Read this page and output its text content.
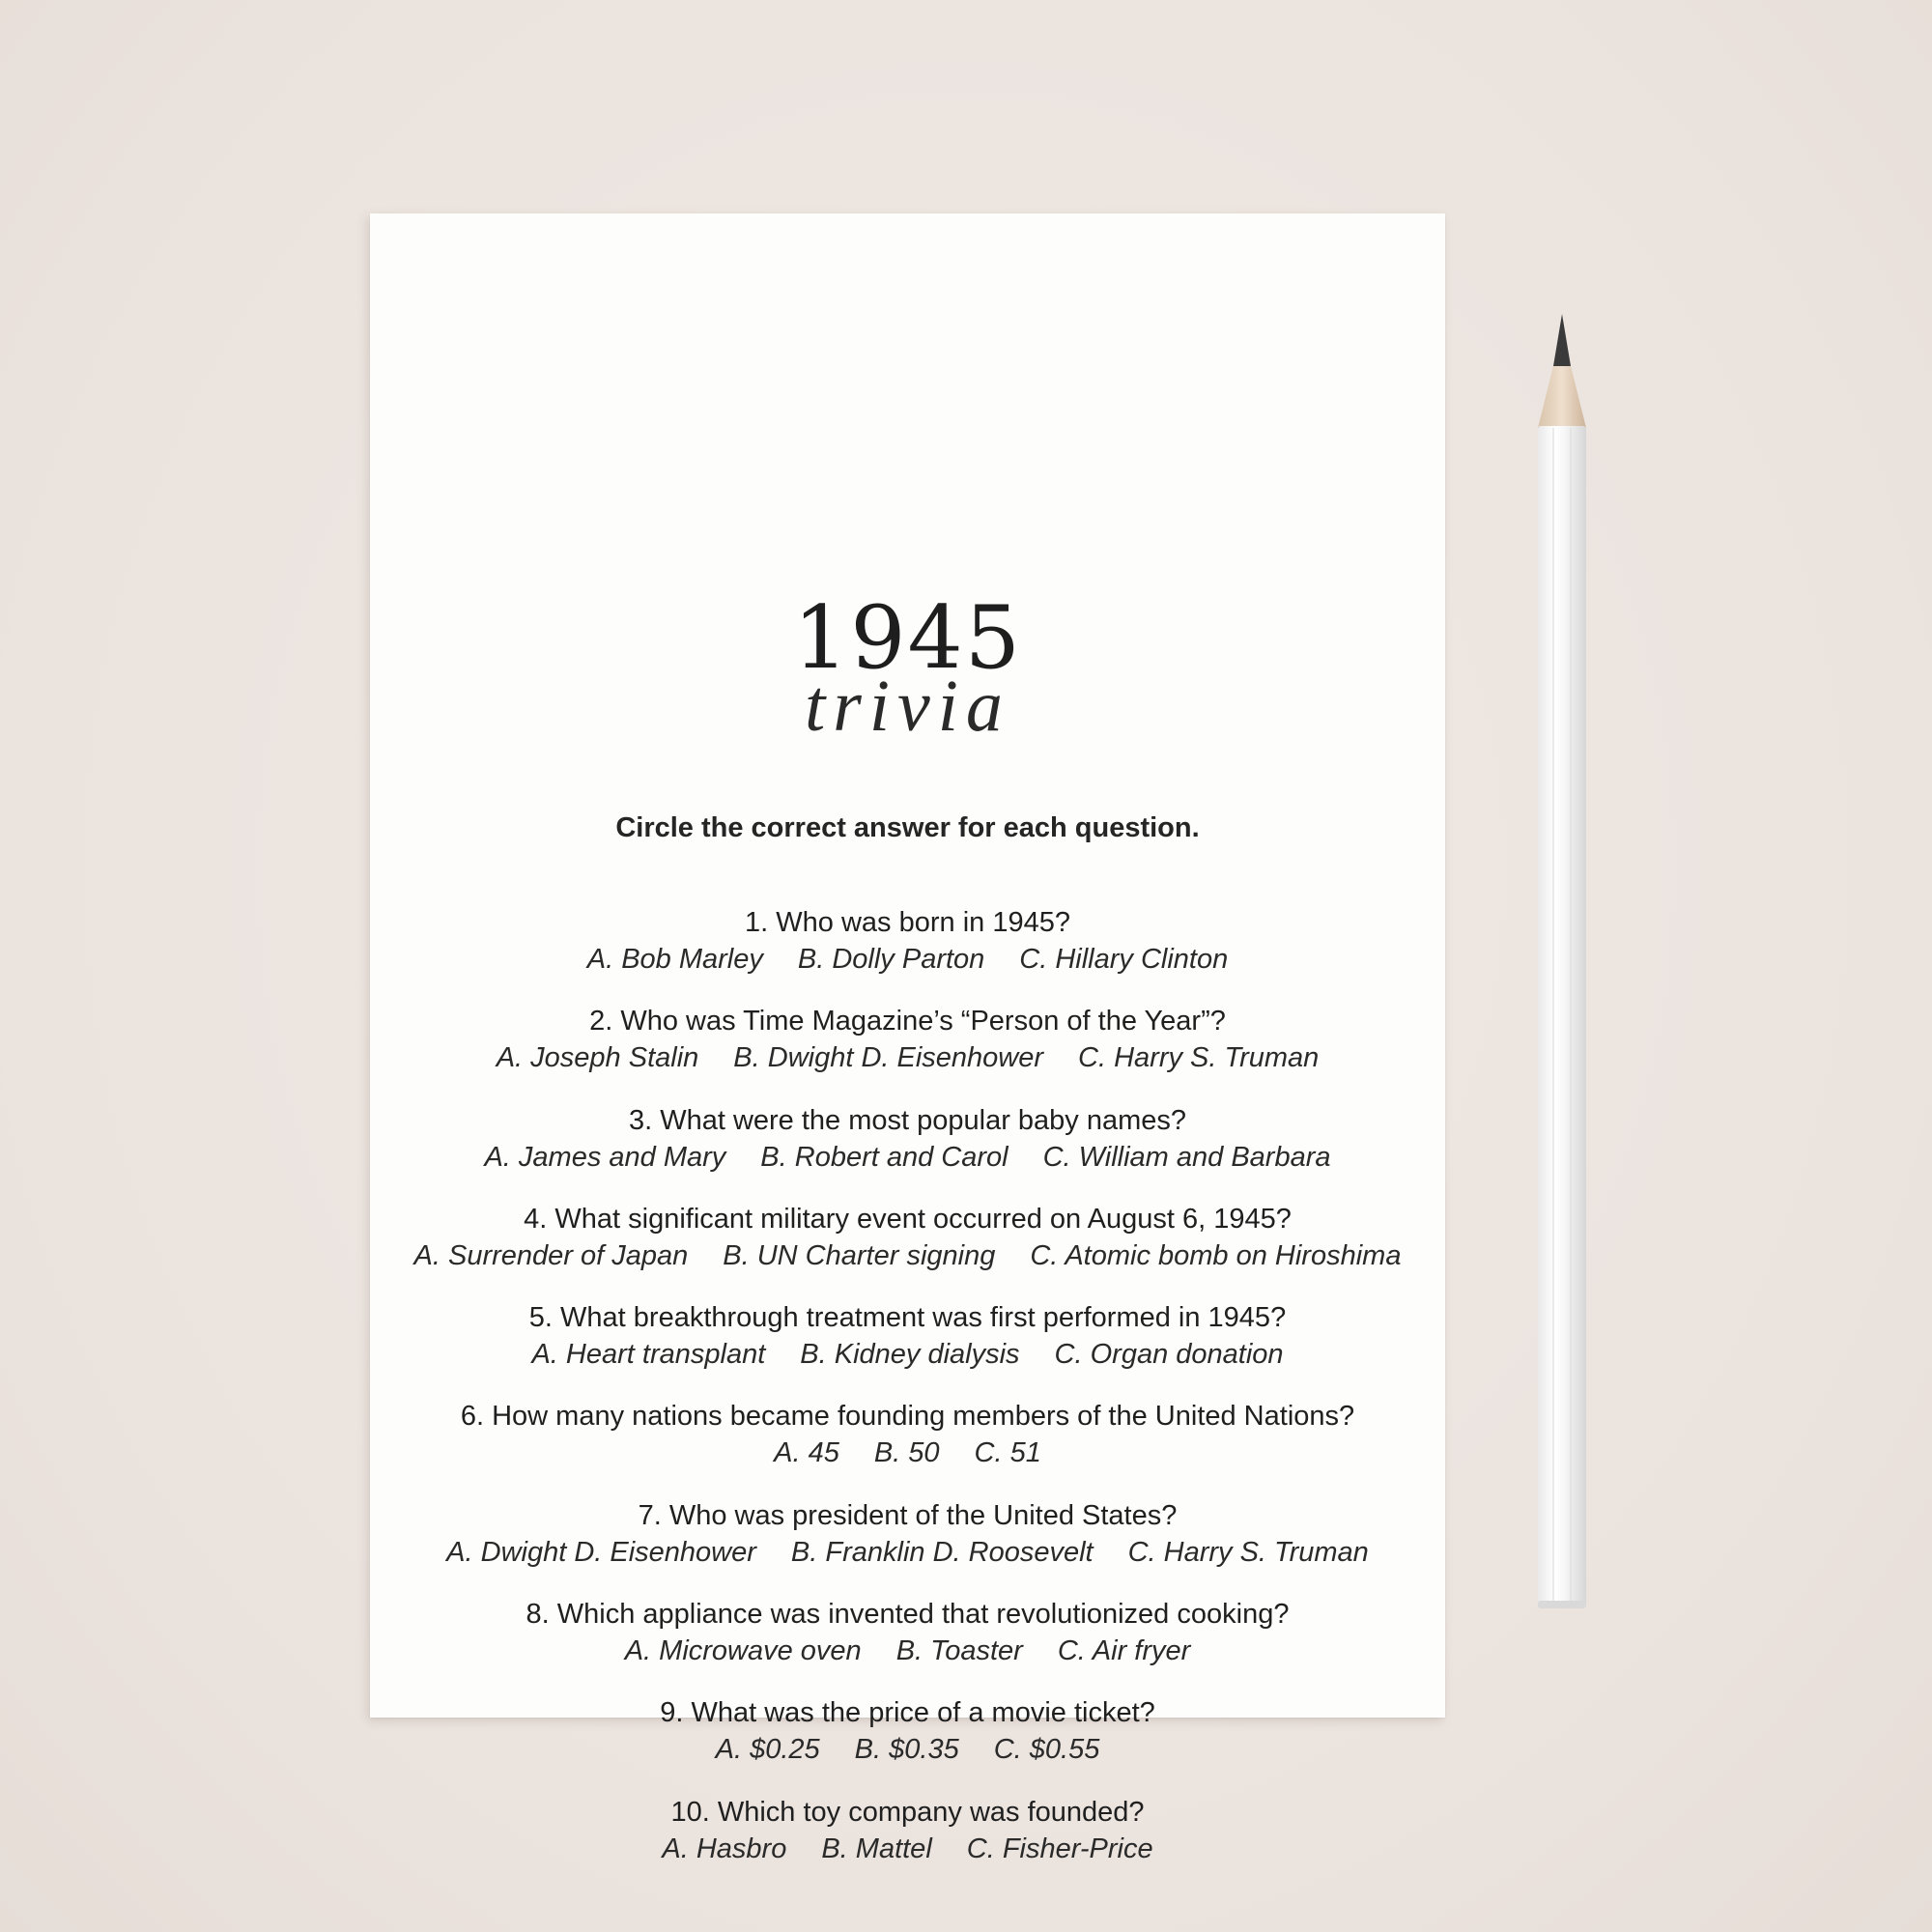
1945
trivia
Circle the correct answer for each question.
1. Who was born in 1945?
A. Bob Marley B. Dolly Parton C. Hillary Clinton
2. Who was Time Magazine’s “Person of the Year”?
A. Joseph Stalin B. Dwight D. Eisenhower C. Harry S. Truman
3. What were the most popular baby names?
A. James and Mary B. Robert and Carol C. William and Barbara
4. What significant military event occurred on August 6, 1945?
A. Surrender of Japan B. UN Charter signing C. Atomic bomb on Hiroshima
5. What breakthrough treatment was first performed in 1945?
A. Heart transplant B. Kidney dialysis C. Organ donation
6. How many nations became founding members of the United Nations?
A. 45 B. 50 C. 51
7. Who was president of the United States?
A. Dwight D. Eisenhower B. Franklin D. Roosevelt C. Harry S. Truman
8. Which appliance was invented that revolutionized cooking?
A. Microwave oven B. Toaster C. Air fryer
9. What was the price of a movie ticket?
A. $0.25 B. $0.35 C. $0.55
10. Which toy company was founded?
A. Hasbro B. Mattel C. Fisher-Price
